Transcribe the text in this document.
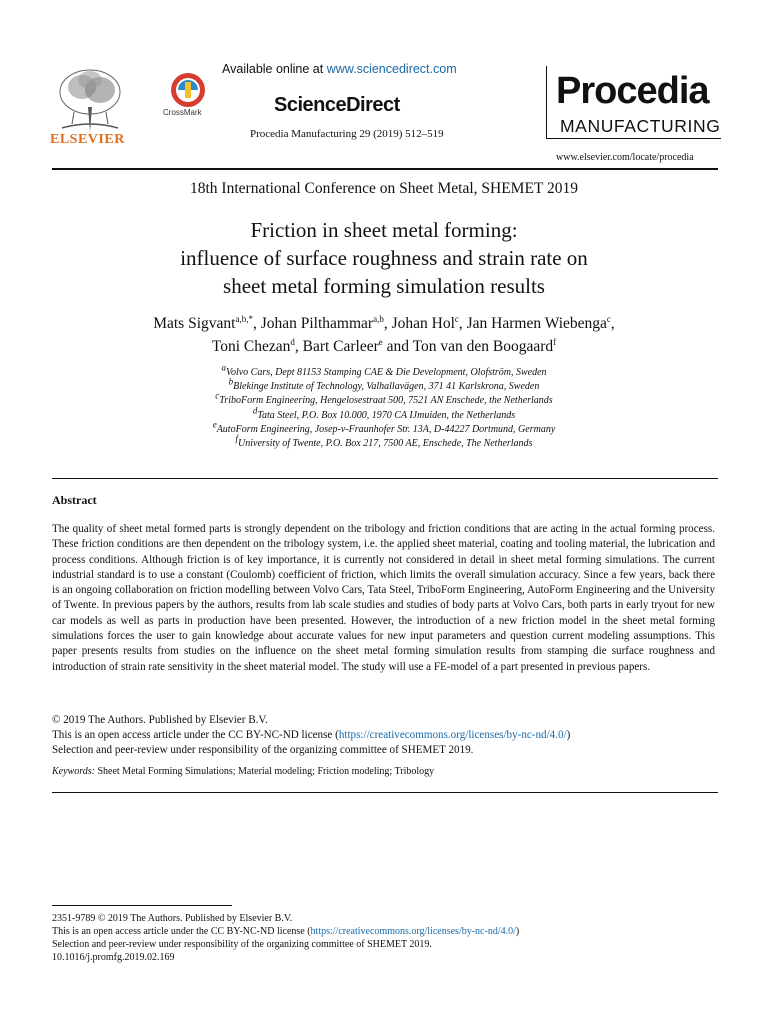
ELSEVIER
CrossMark
Available online at www.sciencedirect.com
ScienceDirect
Procedia Manufacturing 29 (2019) 512–519
Procedia
MANUFACTURING
www.elsevier.com/locate/procedia
18th International Conference on Sheet Metal, SHEMET 2019
Friction in sheet metal forming:
influence of surface roughness and strain rate on
sheet metal forming simulation results
Mats Sigvant$^{a,b,*}$, Johan Pilthammar$^{a,b}$, Johan Hol$^c$, Jan Harmen Wiebenga$^c$,
Toni Chezan$^d$, Bart Carleer$^e$ and Ton van den Boogaard$^f$
$^a$Volvo Cars, Dept 81153 Stamping CAE & Die Development, Olofström, Sweden
$^b$Blekinge Institute of Technology, Valhallavägen, 371 41 Karlskrona, Sweden
$^c$TriboForm Engineering, Hengelosestraat 500, 7521 AN Enschede, the Netherlands
$^d$Tata Steel, P.O. Box 10.000, 1970 CA IJmuiden, the Netherlands
$^e$AutoForm Engineering, Josep-v-Fraunhofer Str. 13A, D-44227 Dortmund, Germany
$^f$University of Twente, P.O. Box 217, 7500 AE, Enschede, The Netherlands
Abstract
The quality of sheet metal formed parts is strongly dependent on the tribology and friction conditions that are acting in the actual forming process. These friction conditions are then dependent on the tribology system, i.e. the applied sheet material, coating and tooling material, the lubrication and process conditions. Although friction is of key importance, it is currently not considered in detail in sheet metal forming simulations. The current industrial standard is to use a constant (Coulomb) coefficient of friction, which limits the overall simulation accuracy. Since a few years, back there is an ongoing collaboration on friction modelling between Volvo Cars, Tata Steel, TriboForm Engineering, AutoForm Engineering and the University of Twente. In previous papers by the authors, results from lab scale studies and studies of body parts at Volvo Cars, both parts in early tryout for new car models as well as parts in production have been presented. However, the introduction of a new friction model in the sheet metal forming simulations forces the user to gain knowledge about accurate values for new input parameters and question current modeling assumptions. This paper presents results from studies on the influence on the sheet metal forming simulation results from stamping die surface roughness and introduction of strain rate sensitivity in the sheet material model. The study will use a FE-model of a part presented in previous papers.
© 2019 The Authors. Published by Elsevier B.V.
This is an open access article under the CC BY-NC-ND license (https://creativecommons.org/licenses/by-nc-nd/4.0/)
Selection and peer-review under responsibility of the organizing committee of SHEMET 2019.
Keywords: Sheet Metal Forming Simulations; Material modeling; Friction modeling; Tribology
2351-9789 © 2019 The Authors. Published by Elsevier B.V.
This is an open access article under the CC BY-NC-ND license (https://creativecommons.org/licenses/by-nc-nd/4.0/)
Selection and peer-review under responsibility of the organizing committee of SHEMET 2019.
10.1016/j.promfg.2019.02.169
